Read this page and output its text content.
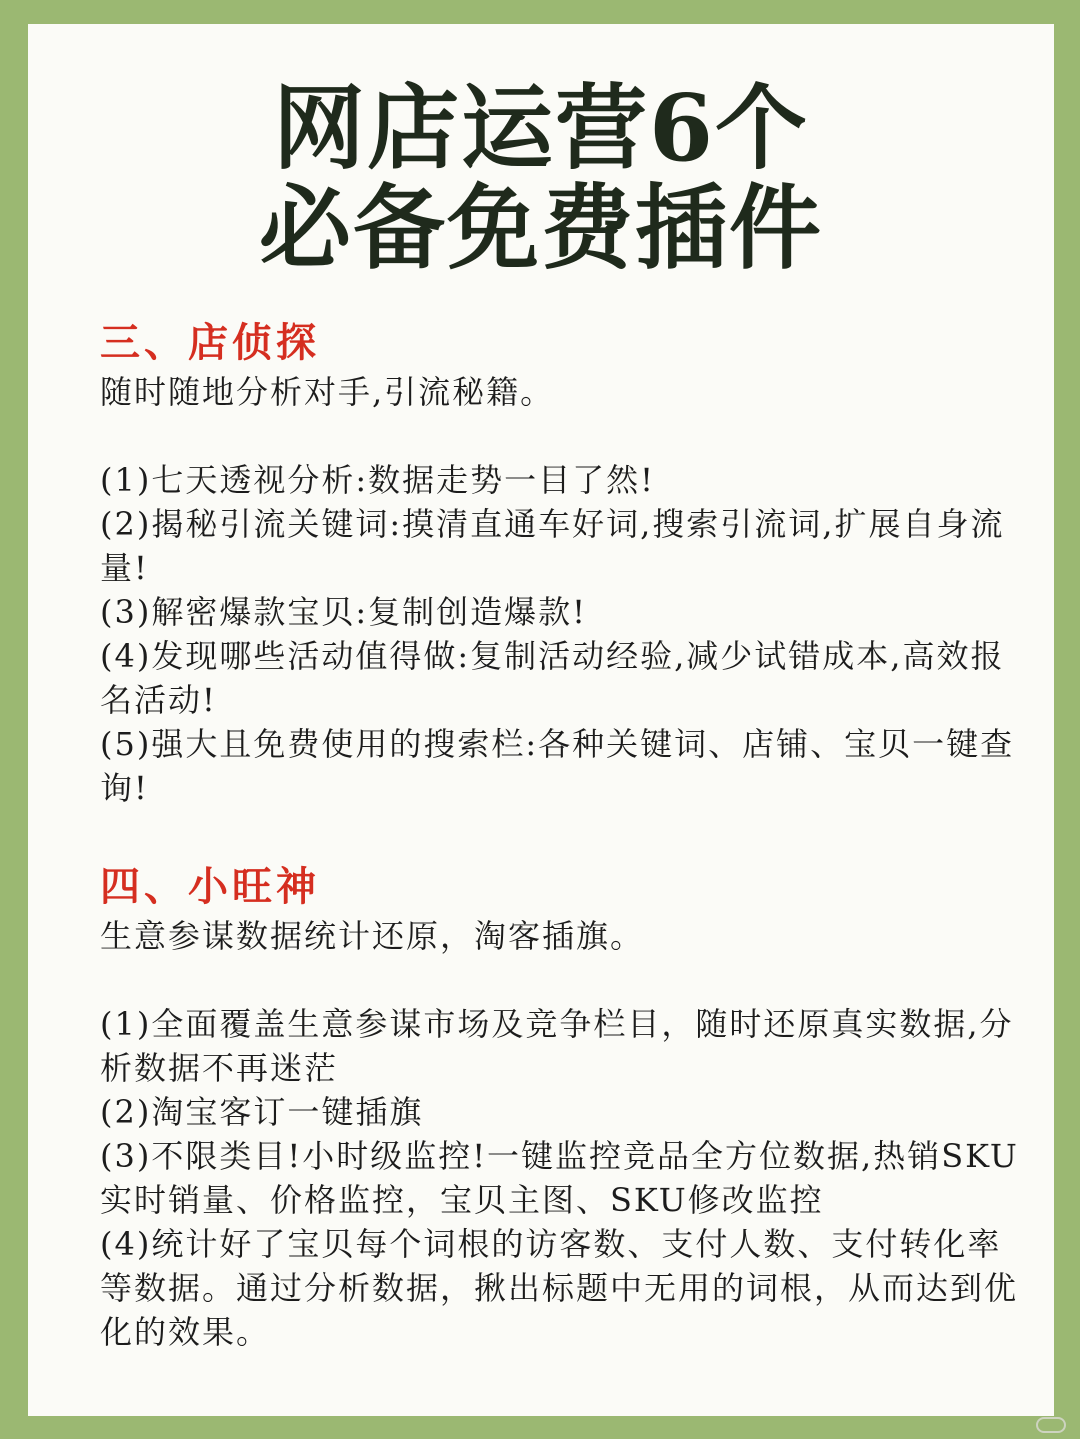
网店运营6个
必备免费插件
三、店侦探
随时随地分析对手,引流秘籍。

(1)七天透视分析:数据走势一目了然!

(2)揭秘引流关键词:摸清直通车好词,搜索引流词,扩展自身流量!

(3)解密爆款宝贝:复制创造爆款!

(4)发现哪些活动值得做:复制活动经验,减少试错成本,高效报名活动!

(5)强大且免费使用的搜索栏:各种关键词、店铺、宝贝一键查询!

四、小旺神
生意参谋数据统计还原，淘客插旗。

(1)全面覆盖生意参谋市场及竞争栏目，随时还原真实数据,分析数据不再迷茫

(2)淘宝客订一键插旗

(3)不限类目!小时级监控!一键监控竞品全方位数据,热销SKU实时销量、价格监控，宝贝主图、SKU修改监控

(4)统计好了宝贝每个词根的访客数、支付人数、支付转化率等数据。通过分析数据，揪出标题中无用的词根，从而达到优化的效果。
